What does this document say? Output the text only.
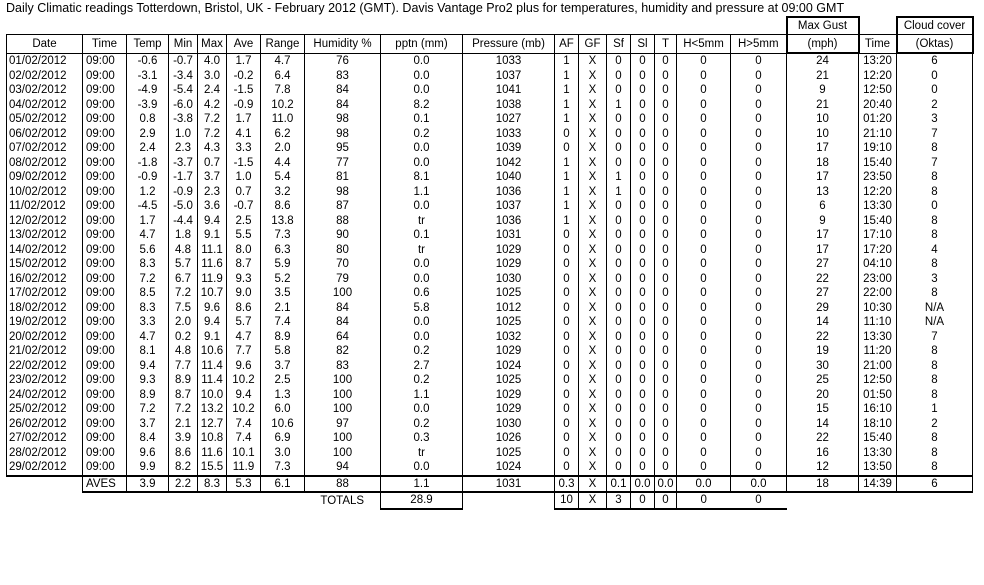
Daily Climatic readings Totterdown, Bristol, UK - February 2012 (GMT). Davis Vantage Pro2 plus for temperatures, humidity and pressure at 09:00 GMT
																	Max Gust		Cloud cover
Date	Time	Temp	Min	Max	Ave	Range	Humidity %	pptn (mm)	Pressure (mb)	AF	GF	Sf	Sl	T	H<5mm	H>5mm	(mph)	Time	(Oktas)
01/02/2012	09:00	-0.6	-0.7	4.0	1.7	4.7	76	0.0	1033	1	X	0	0	0	0	0	24	13:20	6
02/02/2012	09:00	-3.1	-3.4	3.0	-0.2	6.4	83	0.0	1037	1	X	0	0	0	0	0	21	12:20	0
03/02/2012	09:00	-4.9	-5.4	2.4	-1.5	7.8	84	0.0	1041	1	X	0	0	0	0	0	9	12:50	0
04/02/2012	09:00	-3.9	-6.0	4.2	-0.9	10.2	84	8.2	1038	1	X	1	0	0	0	0	21	20:40	2
05/02/2012	09:00	0.8	-3.8	7.2	1.7	11.0	98	0.1	1027	1	X	0	0	0	0	0	10	01:20	3
06/02/2012	09:00	2.9	1.0	7.2	4.1	6.2	98	0.2	1033	0	X	0	0	0	0	0	10	21:10	7
07/02/2012	09:00	2.4	2.3	4.3	3.3	2.0	95	0.0	1039	0	X	0	0	0	0	0	17	19:10	8
08/02/2012	09:00	-1.8	-3.7	0.7	-1.5	4.4	77	0.0	1042	1	X	0	0	0	0	0	18	15:40	7
09/02/2012	09:00	-0.9	-1.7	3.7	1.0	5.4	81	8.1	1040	1	X	1	0	0	0	0	17	23:50	8
10/02/2012	09:00	1.2	-0.9	2.3	0.7	3.2	98	1.1	1036	1	X	1	0	0	0	0	13	12:20	8
11/02/2012	09:00	-4.5	-5.0	3.6	-0.7	8.6	87	0.0	1037	1	X	0	0	0	0	0	6	13:30	0
12/02/2012	09:00	1.7	-4.4	9.4	2.5	13.8	88	tr	1036	1	X	0	0	0	0	0	9	15:40	8
13/02/2012	09:00	4.7	1.8	9.1	5.5	7.3	90	0.1	1031	0	X	0	0	0	0	0	17	17:10	8
14/02/2012	09:00	5.6	4.8	11.1	8.0	6.3	80	tr	1029	0	X	0	0	0	0	0	17	17:20	4
15/02/2012	09:00	8.3	5.7	11.6	8.7	5.9	70	0.0	1029	0	X	0	0	0	0	0	27	04:10	8
16/02/2012	09:00	7.2	6.7	11.9	9.3	5.2	79	0.0	1030	0	X	0	0	0	0	0	22	23:00	3
17/02/2012	09:00	8.5	7.2	10.7	9.0	3.5	100	0.6	1025	0	X	0	0	0	0	0	27	22:00	8
18/02/2012	09:00	8.3	7.5	9.6	8.6	2.1	84	5.8	1012	0	X	0	0	0	0	0	29	10:30	N/A
19/02/2012	09:00	3.3	2.0	9.4	5.7	7.4	84	0.0	1025	0	X	0	0	0	0	0	14	11:10	N/A
20/02/2012	09:00	4.7	0.2	9.1	4.7	8.9	64	0.0	1032	0	X	0	0	0	0	0	22	13:30	7
21/02/2012	09:00	8.1	4.8	10.6	7.7	5.8	82	0.2	1029	0	X	0	0	0	0	0	19	11:20	8
22/02/2012	09:00	9.4	7.7	11.4	9.6	3.7	83	2.7	1024	0	X	0	0	0	0	0	30	21:00	8
23/02/2012	09:00	9.3	8.9	11.4	10.2	2.5	100	0.2	1025	0	X	0	0	0	0	0	25	12:50	8
24/02/2012	09:00	8.9	8.7	10.0	9.4	1.3	100	1.1	1029	0	X	0	0	0	0	0	20	01:50	8
25/02/2012	09:00	7.2	7.2	13.2	10.2	6.0	100	0.0	1029	0	X	0	0	0	0	0	15	16:10	1
26/02/2012	09:00	3.7	2.1	12.7	7.4	10.6	97	0.2	1030	0	X	0	0	0	0	0	14	18:10	2
27/02/2012	09:00	8.4	3.9	10.8	7.4	6.9	100	0.3	1026	0	X	0	0	0	0	0	22	15:40	8
28/02/2012	09:00	9.6	8.6	11.6	10.1	3.0	100	tr	1025	0	X	0	0	0	0	0	16	13:30	8
29/02/2012	09:00	9.9	8.2	15.5	11.9	7.3	94	0.0	1024	0	X	0	0	0	0	0	12	13:50	8
	AVES	3.9	2.2	8.3	5.3	6.1	88	1.1	1031	0.3	X	0.1	0.0	0.0	0.0	0.0	18	14:39	6
							TOTALS	28.9		10	X	3	0	0	0	0			
